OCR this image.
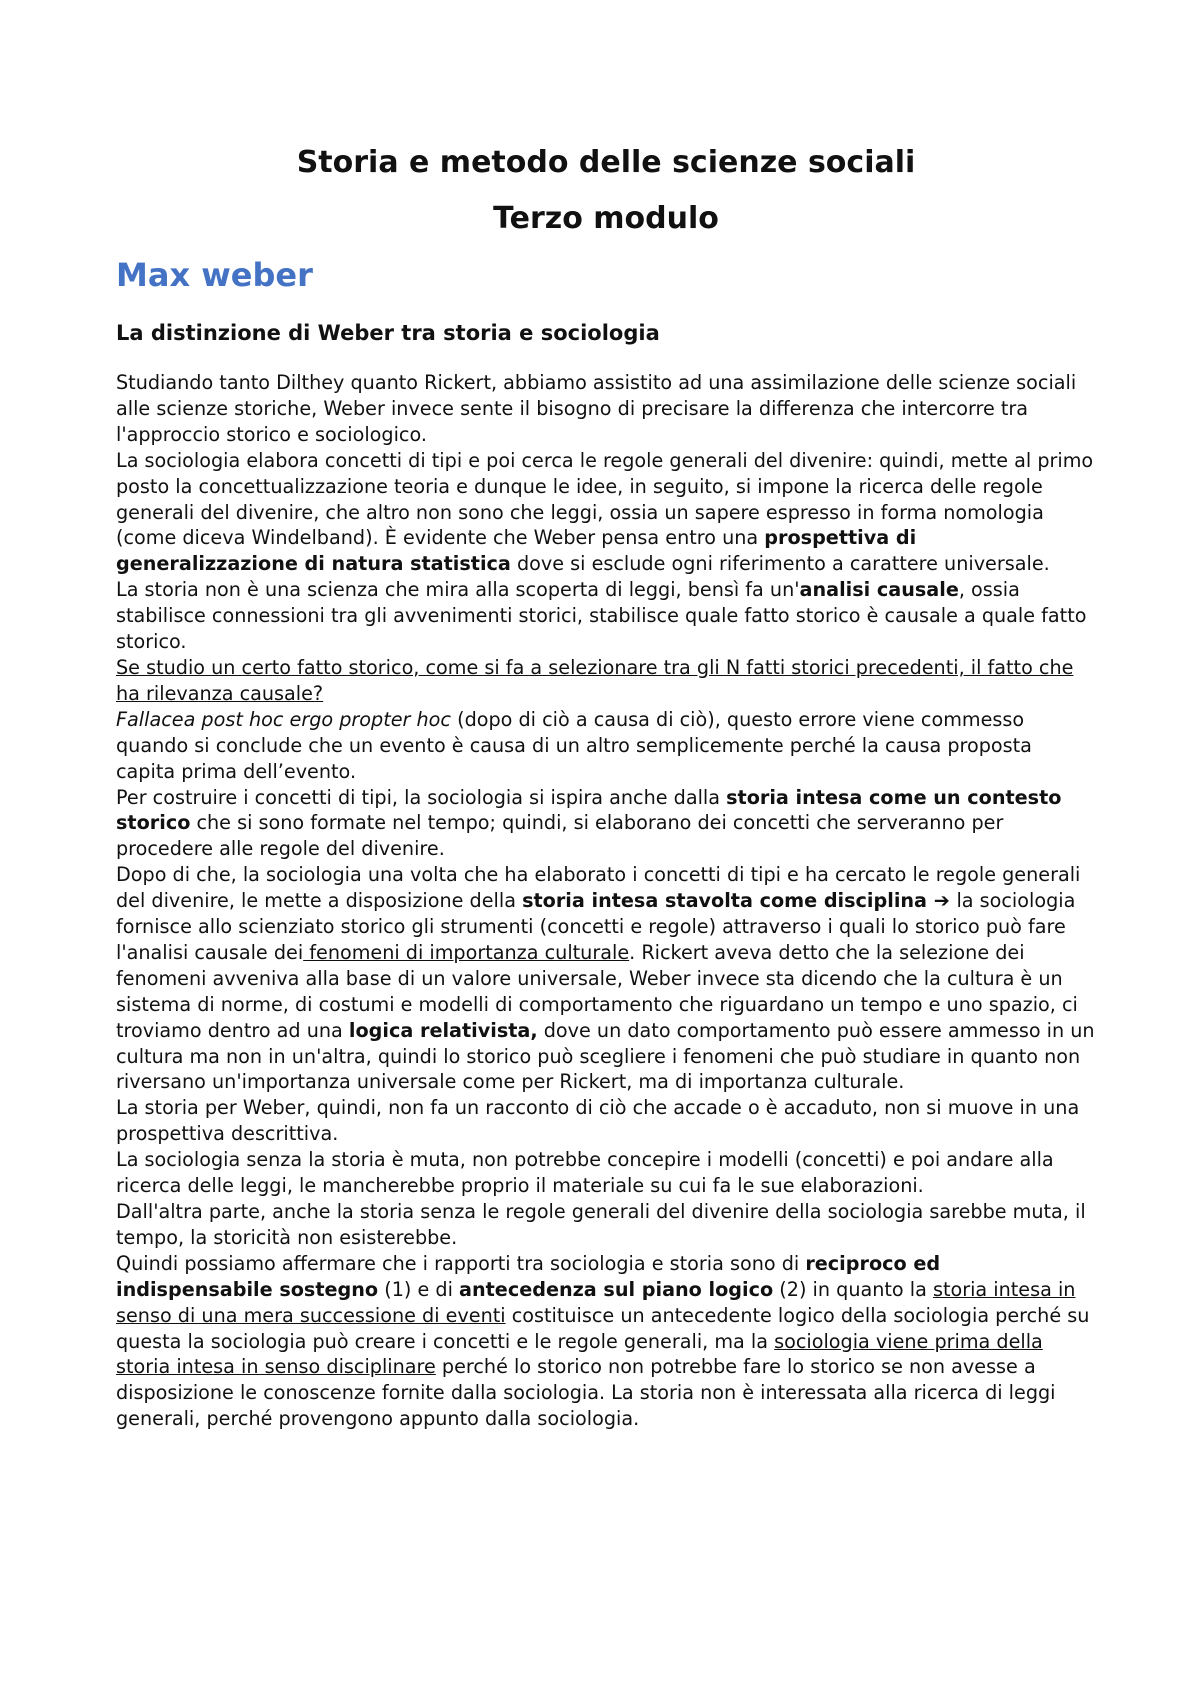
Storia e metodo delle scienze sociali
Terzo modulo
Max weber
La distinzione di Weber tra storia e sociologia

Studiando tanto Dilthey quanto Rickert, abbiamo assistito ad una assimilazione delle scienze sociali alle scienze storiche, Weber invece sente il bisogno di precisare la differenza che intercorre tra l'approccio storico e sociologico.

La sociologia elabora concetti di tipi e poi cerca le regole generali del divenire: quindi, mette al primo posto la concettualizzazione teoria e dunque le idee, in seguito, si impone la ricerca delle regole generali del divenire, che altro non sono che leggi, ossia un sapere espresso in forma nomologia (come diceva Windelband). È evidente che Weber pensa entro una prospettiva di generalizzazione di natura statistica dove si esclude ogni riferimento a carattere universale.

La storia non è una scienza che mira alla scoperta di leggi, bensì fa un'analisi causale, ossia stabilisce connessioni tra gli avvenimenti storici, stabilisce quale fatto storico è causale a quale fatto storico.

Se studio un certo fatto storico, come si fa a selezionare tra gli N fatti storici precedenti, il fatto che ha rilevanza causale?

Fallacea post hoc ergo propter hoc (dopo di ciò a causa di ciò), questo errore viene commesso quando si conclude che un evento è causa di un altro semplicemente perché la causa proposta capita prima dell’evento.

Per costruire i concetti di tipi, la sociologia si ispira anche dalla storia intesa come un contesto storico che si sono formate nel tempo; quindi, si elaborano dei concetti che serveranno per procedere alle regole del divenire.

Dopo di che, la sociologia una volta che ha elaborato i concetti di tipi e ha cercato le regole generali del divenire, le mette a disposizione della storia intesa stavolta come disciplina ➔ la sociologia fornisce allo scienziato storico gli strumenti (concetti e regole) attraverso i quali lo storico può fare l'analisi causale dei fenomeni di importanza culturale. Rickert aveva detto che la selezione dei fenomeni avveniva alla base di un valore universale, Weber invece sta dicendo che la cultura è un sistema di norme, di costumi e modelli di comportamento che riguardano un tempo e uno spazio, ci troviamo dentro ad una logica relativista, dove un dato comportamento può essere ammesso in un cultura ma non in un'altra, quindi lo storico può scegliere i fenomeni che può studiare in quanto non riversano un'importanza universale come per Rickert, ma di importanza culturale.

La storia per Weber, quindi, non fa un racconto di ciò che accade o è accaduto, non si muove in una prospettiva descrittiva.

La sociologia senza la storia è muta, non potrebbe concepire i modelli (concetti) e poi andare alla ricerca delle leggi, le mancherebbe proprio il materiale su cui fa le sue elaborazioni.

Dall'altra parte, anche la storia senza le regole generali del divenire della sociologia sarebbe muta, il tempo, la storicità non esisterebbe.

Quindi possiamo affermare che i rapporti tra sociologia e storia sono di reciproco ed indispensabile sostegno (1) e di antecedenza sul piano logico (2) in quanto la storia intesa in senso di una mera successione di eventi costituisce un antecedente logico della sociologia perché su questa la sociologia può creare i concetti e le regole generali, ma la sociologia viene prima della storia intesa in senso disciplinare perché lo storico non potrebbe fare lo storico se non avesse a disposizione le conoscenze fornite dalla sociologia. La storia non è interessata alla ricerca di leggi generali, perché provengono appunto dalla sociologia.
